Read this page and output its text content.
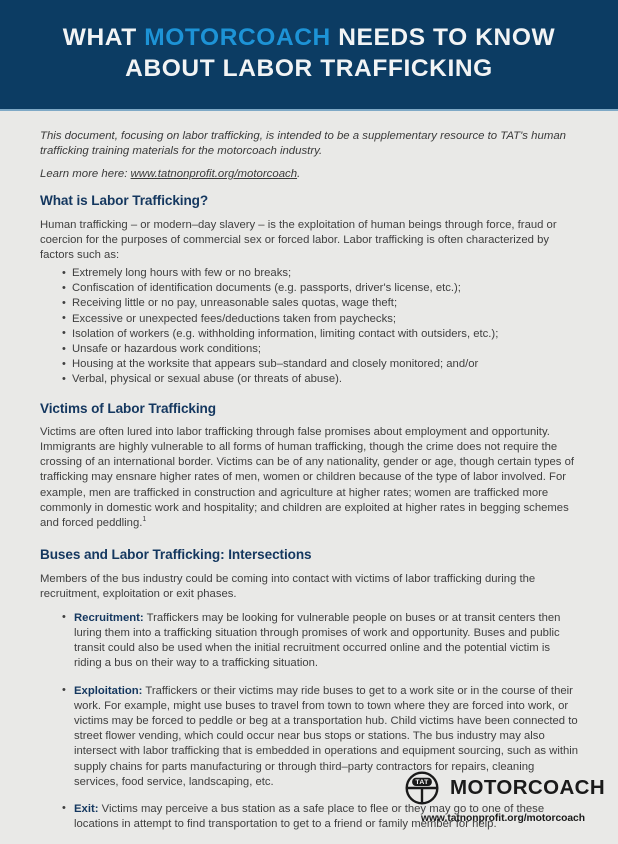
WHAT MOTORCOACH NEEDS TO KNOW
ABOUT LABOR TRAFFICKING

This document, focusing on labor trafficking, is intended to be a supplementary resource to TAT's human trafficking training materials for the motorcoach industry.

Learn more here: www.tatnonprofit.org/motorcoach.

What is Labor Trafficking?

Human trafficking – or modern–day slavery – is the exploitation of human beings through force, fraud or coercion for the purposes of commercial sex or forced labor. Labor trafficking is often characterized by factors such as:

• Extremely long hours with few or no breaks;
• Confiscation of identification documents (e.g. passports, driver's license, etc.);
• Receiving little or no pay, unreasonable sales quotas, wage theft;
• Excessive or unexpected fees/deductions taken from paychecks;
• Isolation of workers (e.g. withholding information, limiting contact with outsiders, etc.);
• Unsafe or hazardous work conditions;
• Housing at the worksite that appears sub–standard and closely monitored; and/or
• Verbal, physical or sexual abuse (or threats of abuse).
Victims of Labor Trafficking

Victims are often lured into labor trafficking through false promises about employment and opportunity. Immigrants are highly vulnerable to all forms of human trafficking, though the crime does not require the crossing of an international border. Victims can be of any nationality, gender or age, though certain types of trafficking may ensnare higher rates of men, women or children because of the type of labor involved. For example, men are trafficked in construction and agriculture at higher rates; women are trafficked more commonly in domestic work and hospitality; and children are exploited at higher rates in begging schemes and forced peddling.$^1$

Buses and Labor Trafficking: Intersections

Members of the bus industry could be coming into contact with victims of labor trafficking during the recruitment, exploitation or exit phases.

• Recruitment: Traffickers may be looking for vulnerable people on buses or at transit centers then luring them into a trafficking situation through promises of work and opportunity. Buses and public transit could also be used when the initial recruitment occurred online and the potential victim is riding a bus on their way to a trafficking situation.
• Exploitation: Traffickers or their victims may ride buses to get to a work site or in the course of their work. For example, might use buses to travel from town to town where they are forced into work, or victims may be forced to peddle or beg at a transportation hub. Child victims have been connected to street flower vending, which could occur near bus stops or stations. The bus industry may also intersect with labor trafficking that is embedded in operations and equipment sourcing, such as within supply chains for parts manufacturing or through third–party contractors for repairs, cleaning services, food service, landscaping, etc.
• Exit: Victims may perceive a bus station as a safe place to flee or they may go to one of these locations in attempt to find transportation to get to a friend or family member for help.
TAT MOTORCOACH
www.tatnonprofit.org/motorcoach
